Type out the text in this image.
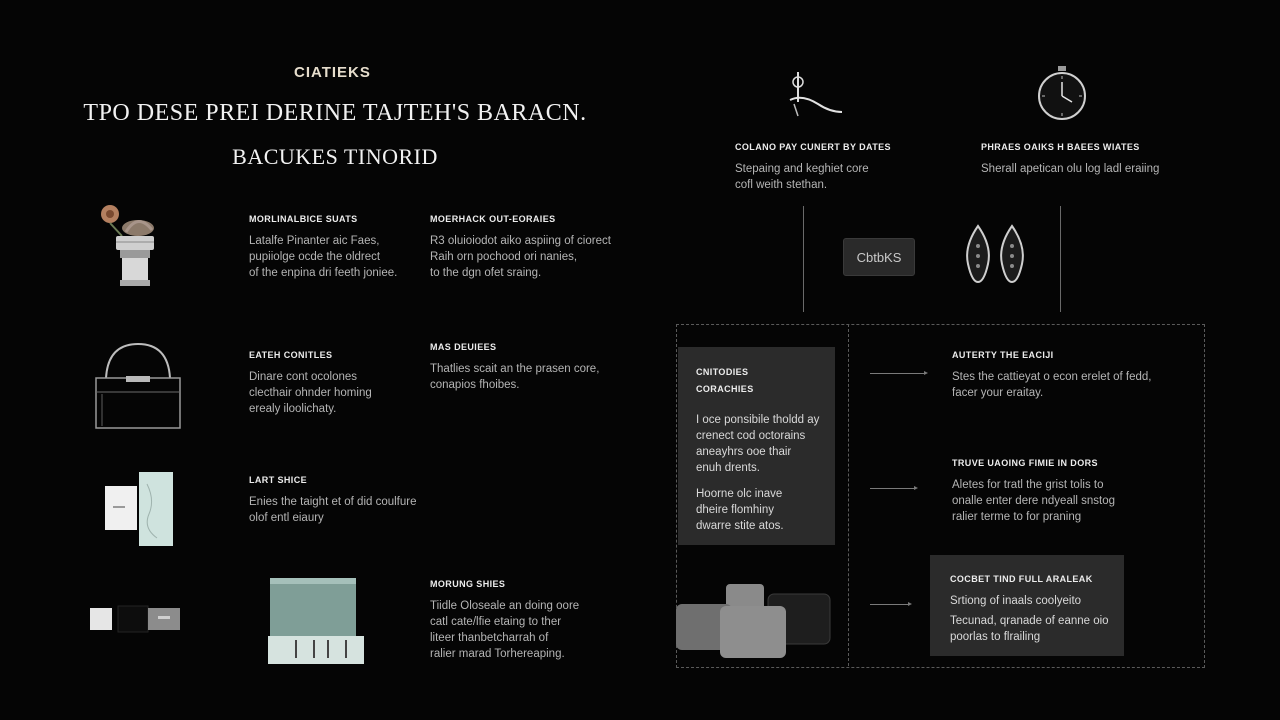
CIATIEKS
TPO DESE PREI DERINE TAJTEH'S BARACN.
BACUKES TINORID
MORLINALBICE SUATS
Latalfe Pinanter aic Faes,
pupiiolge ocde the oldrect
of the enpina dri feeth joniee.
MOERHACK OUT-EORAIES
R3 oluioiodot aiko aspiing of ciorect
Raih orn pochood ori nanies,
to the dgn ofet sraing.
EATEH CONITLES
Dinare cont ocolones
clecthair ohnder homing
erealy iloolichaty.
MAS DEUIEES
Thatlies scait an the prasen core,
conapios fhoibes.
LART SHICE
Enies the taight et of did coulfure
olof entl eiaury
MORUNG SHIES
Tiidle Oloseale an doing oore
catl cate/lfie etaing to ther
liteer thanbetcharrah of
ralier marad Torhereaping.
COLANO PAY CUNERT BY DATES
Stepaing and keghiet core
cofl weith stethan.
PHRAES OAIKS H BAEES WIATES
Sherall apetican olu log ladl eraiing
CbtbKS
CNITODIES
CORACHIES
I oce ponsibile tholdd ay
crenect cod octorains
aneayhrs ooe thair
enuh drents.
Hoorne olc inave
dheire flomhiny
dwarre stite atos.
AUTERTY THE EACIJI
Stes the cattieyat o econ erelet of fedd,
facer your eraitay.
TRUVE UAOING FIMIE IN DORS
Aletes for tratl the grist tolis to
onalle enter dere ndyeall snstog
ralier terme to for praning
COCBET TIND FULL ARALEAK
Srtiong of inaals coolyeito
Tecunad, qranade of eanne oio
poorlas to flrailing
